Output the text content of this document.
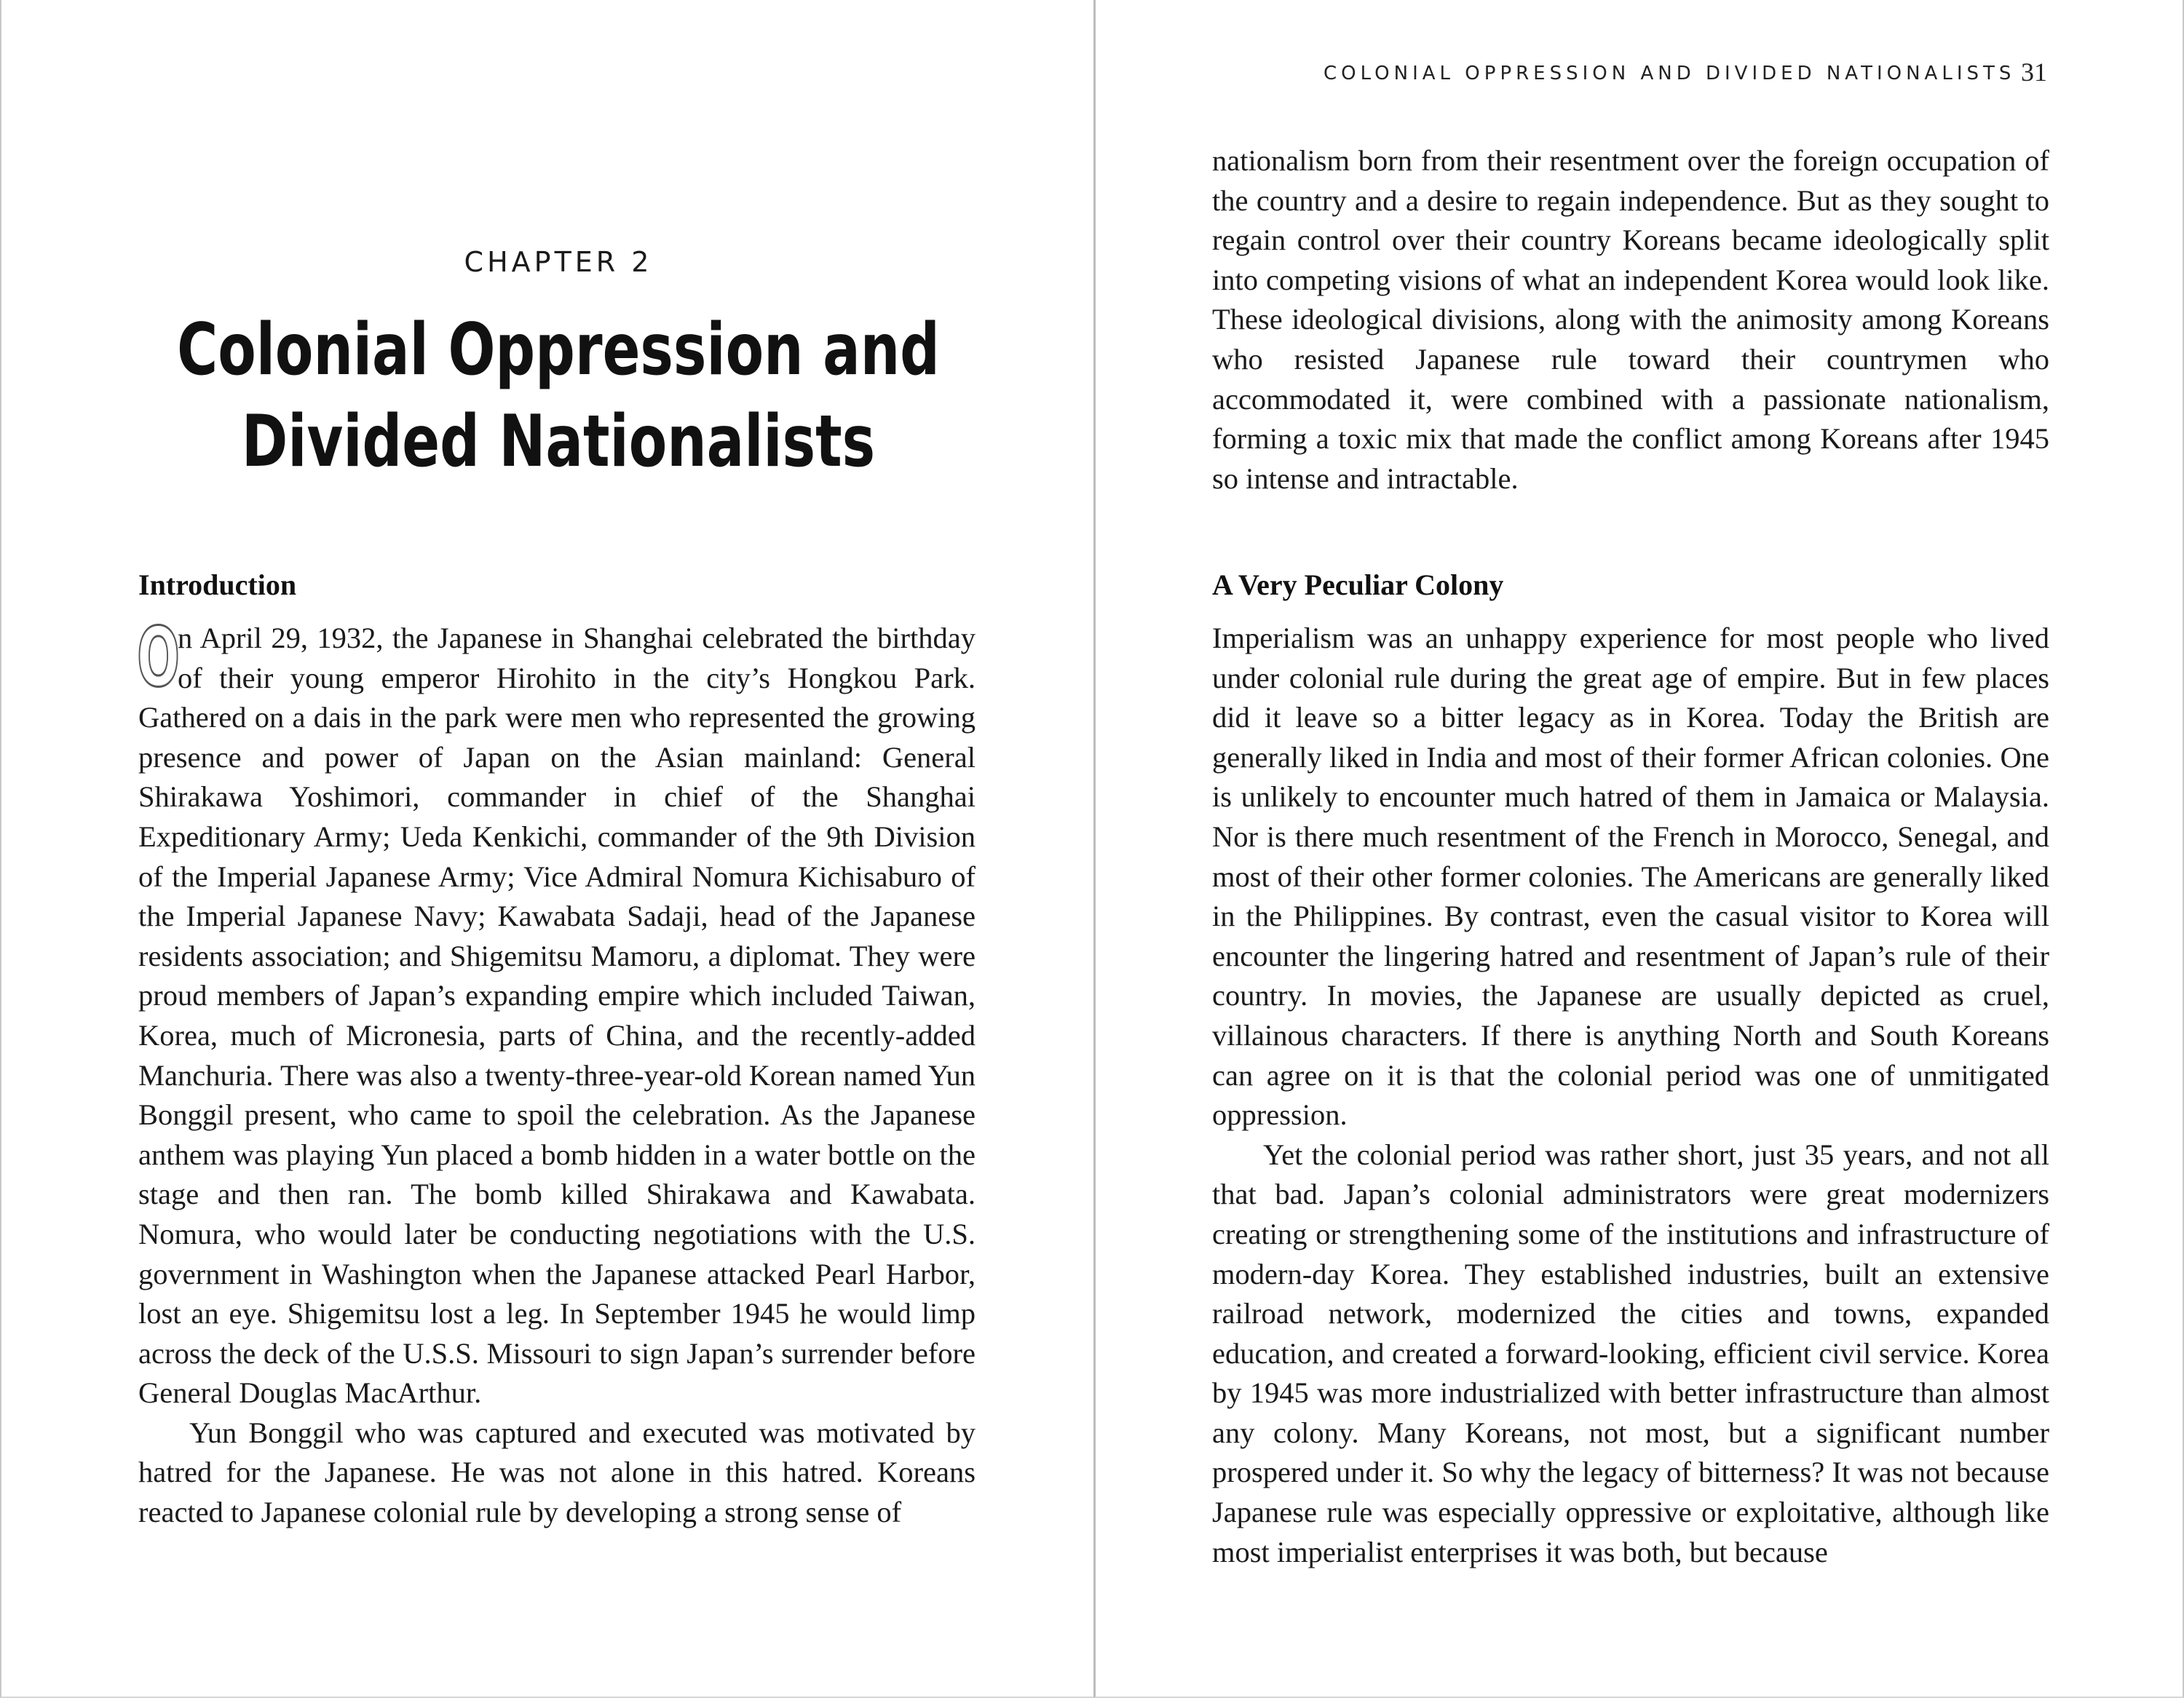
CHAPTER 2
Colonial Oppression and
Divided Nationalists
Introduction

O
n April 29, 1932, the Japanese in Shanghai celebrated the birthday of their young emperor Hirohito in the city’s Hongkou Park. Gathered on a dais in the park were men who represented the growing presence and power of Japan on the Asian mainland: General Shirakawa Yoshimori, commander in chief of the Shanghai Expeditionary Army; Ueda Kenkichi, commander of the 9th Division of the Imperial Japanese Army; Vice Admiral Nomura Kichisaburo of the Imperial Japanese Navy; Kawabata Sadaji, head of the Japanese residents association; and Shigemitsu Mamoru, a diplomat. They were proud members of Japan’s expanding empire which included Taiwan, Korea, much of Micronesia, parts of China, and the recently-added Manchuria. There was also a twenty-three-year-old Korean named Yun Bonggil present, who came to spoil the celebration. As the Japanese anthem was playing Yun placed a bomb hidden in a water bottle on the stage and then ran. The bomb killed Shirakawa and Kawabata. Nomura, who would later be conducting negotiations with the U.S. government in Washington when the Japanese attacked Pearl Harbor, lost an eye. Shigemitsu lost a leg. In September 1945 he would limp across the deck of the U.S.S. Missouri to sign Japan’s surrender before General Douglas MacArthur.

Yun Bonggil who was captured and executed was motivated by hatred for the Japanese. He was not alone in this hatred. Koreans reacted to Japanese colonial rule by developing a strong sense of

COLONIAL OPPRESSION AND DIVIDED NATIONALISTS 31

nationalism born from their resentment over the foreign occupation of the country and a desire to regain independence. But as they sought to regain control over their country Koreans became ideologically split into competing visions of what an independent Korea would look like. These ideological divisions, along with the animosity among Koreans who resisted Japanese rule toward their countrymen who accommodated it, were combined with a passionate nationalism, forming a toxic mix that made the conflict among Koreans after 1945 so intense and intractable.

A Very Peculiar Colony

Imperialism was an unhappy experience for most people who lived under colonial rule during the great age of empire. But in few places did it leave so a bitter legacy as in Korea. Today the British are generally liked in India and most of their former African colonies. One is unlikely to encounter much hatred of them in Jamaica or Malaysia. Nor is there much resentment of the French in Morocco, Senegal, and most of their other former colonies. The Americans are generally liked in the Philippines. By contrast, even the casual visitor to Korea will encounter the lingering hatred and resentment of Japan’s rule of their country. In movies, the Japanese are usually depicted as cruel, villainous characters. If there is anything North and South Koreans can agree on it is that the colonial period was one of unmitigated oppression.

Yet the colonial period was rather short, just 35 years, and not all that bad. Japan’s colonial administrators were great modernizers creating or strengthening some of the institutions and infrastructure of modern-day Korea. They established industries, built an extensive railroad network, modernized the cities and towns, expanded education, and created a forward-looking, efficient civil service. Korea by 1945 was more industrialized with better infrastructure than almost any colony. Many Koreans, not most, but a significant number prospered under it. So why the legacy of bitterness? It was not because Japanese rule was especially oppressive or exploitative, although like most imperialist enterprises it was both, but because
